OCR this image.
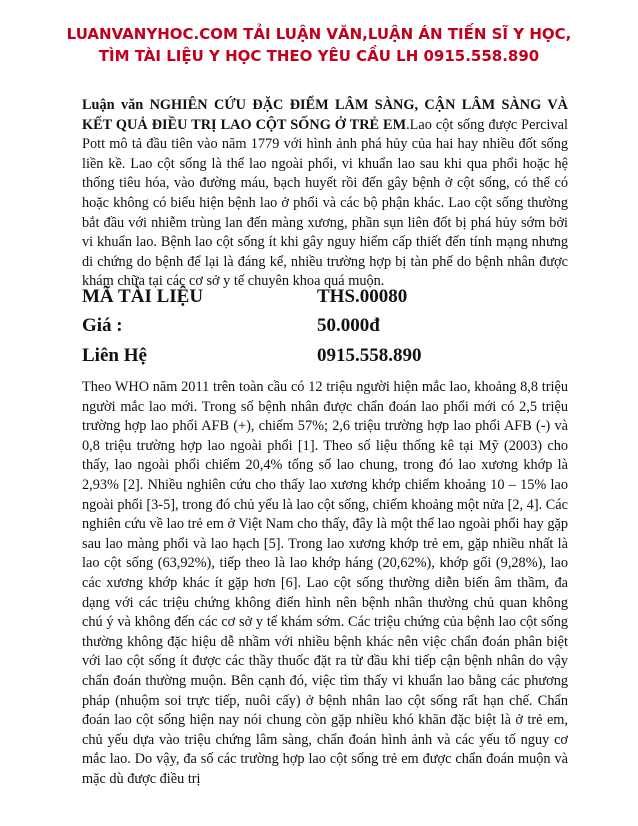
LUANVANYHOC.COM TẢI LUẬN VĂN,LUẬN ÁN TIẾN SĨ Y HỌC,
TÌM TÀI LIỆU Y HỌC THEO YÊU CẦU LH 0915.558.890

Luận văn NGHIÊN CỨU ĐẶC ĐIỂM LÂM SÀNG, CẬN LÂM SÀNG VÀ KẾT QUẢ ĐIỀU TRỊ LAO CỘT SỐNG Ở TRẺ EM.Lao cột sống được Percival Pott mô tả đầu tiên vào năm 1779 với hình ảnh phá hủy của hai hay nhiều đốt sống liền kề. Lao cột sống là thể lao ngoài phổi, vi khuẩn lao sau khi qua phổi hoặc hệ thống tiêu hóa, vào đường máu, bạch huyết rồi đến gây bệnh ở cột sống, có thể có hoặc không có biểu hiện bệnh lao ở phổi và các bộ phận khác. Lao cột sống thường bắt đầu với nhiễm trùng lan đến màng xương, phần sụn liên đốt bị phá hủy sớm bởi vi khuẩn lao. Bệnh lao cột sống ít khi gây nguy hiểm cấp thiết đến tính mạng nhưng di chứng do bệnh để lại là đáng kể, nhiều trường hợp bị tàn phế do bệnh nhân được khám chữa tại các cơ sở y tế chuyên khoa quá muộn.

MÃ TÀI LIỆU	THS.00080
Giá :	50.000đ
Liên Hệ	0915.558.890

Theo WHO năm 2011 trên toàn cầu có 12 triệu người hiện mắc lao, khoảng 8,8 triệu người mắc lao mới. Trong số bệnh nhân được chẩn đoán lao phổi mới có 2,5 triệu trường hợp lao phổi AFB (+), chiếm 57%; 2,6 triệu trường hợp lao phổi AFB (-) và 0,8 triệu trường hợp lao ngoài phổi [1]. Theo số liệu thống kê tại Mỹ (2003) cho thấy, lao ngoài phổi chiếm 20,4% tổng số lao chung, trong đó lao xương khớp là 2,93% [2]. Nhiều nghiên cứu cho thấy lao xương khớp chiếm khoảng 10 – 15% lao ngoài phổi [3-5], trong đó chủ yếu là lao cột sống, chiếm khoảng một nửa [2, 4]. Các nghiên cứu về lao trẻ em ở Việt Nam cho thấy, đây là một thể lao ngoài phổi hay gặp sau lao màng phổi và lao hạch [5]. Trong lao xương khớp trẻ em, gặp nhiều nhất là lao cột sống (63,92%), tiếp theo là lao khớp háng (20,62%), khớp gối (9,28%), lao các xương khớp khác ít gặp hơn [6]. Lao cột sống thường diễn biến âm thầm, đa dạng với các triệu chứng không điển hình nên bệnh nhân thường chủ quan không chú ý và không đến các cơ sở y tế khám sớm. Các triệu chứng của bệnh lao cột sống thường không đặc hiệu dễ nhầm với nhiều bệnh khác nên việc chẩn đoán phân biệt với lao cột sống ít được các thầy thuốc đặt ra từ đầu khi tiếp cận bệnh nhân do vậy chẩn đoán thường muộn. Bên cạnh đó, việc tìm thấy vi khuẩn lao bằng các phương pháp (nhuộm soi trực tiếp, nuôi cấy) ở bệnh nhân lao cột sống rất hạn chế. Chẩn đoán lao cột sống hiện nay nói chung còn gặp nhiều khó khăn đặc biệt là ở trẻ em, chủ yếu dựa vào triệu chứng lâm sàng, chẩn đoán hình ảnh và các yếu tố nguy cơ mắc lao. Do vậy, đa số các trường hợp lao cột sống trẻ em được chẩn đoán muộn và mặc dù được điều trị
